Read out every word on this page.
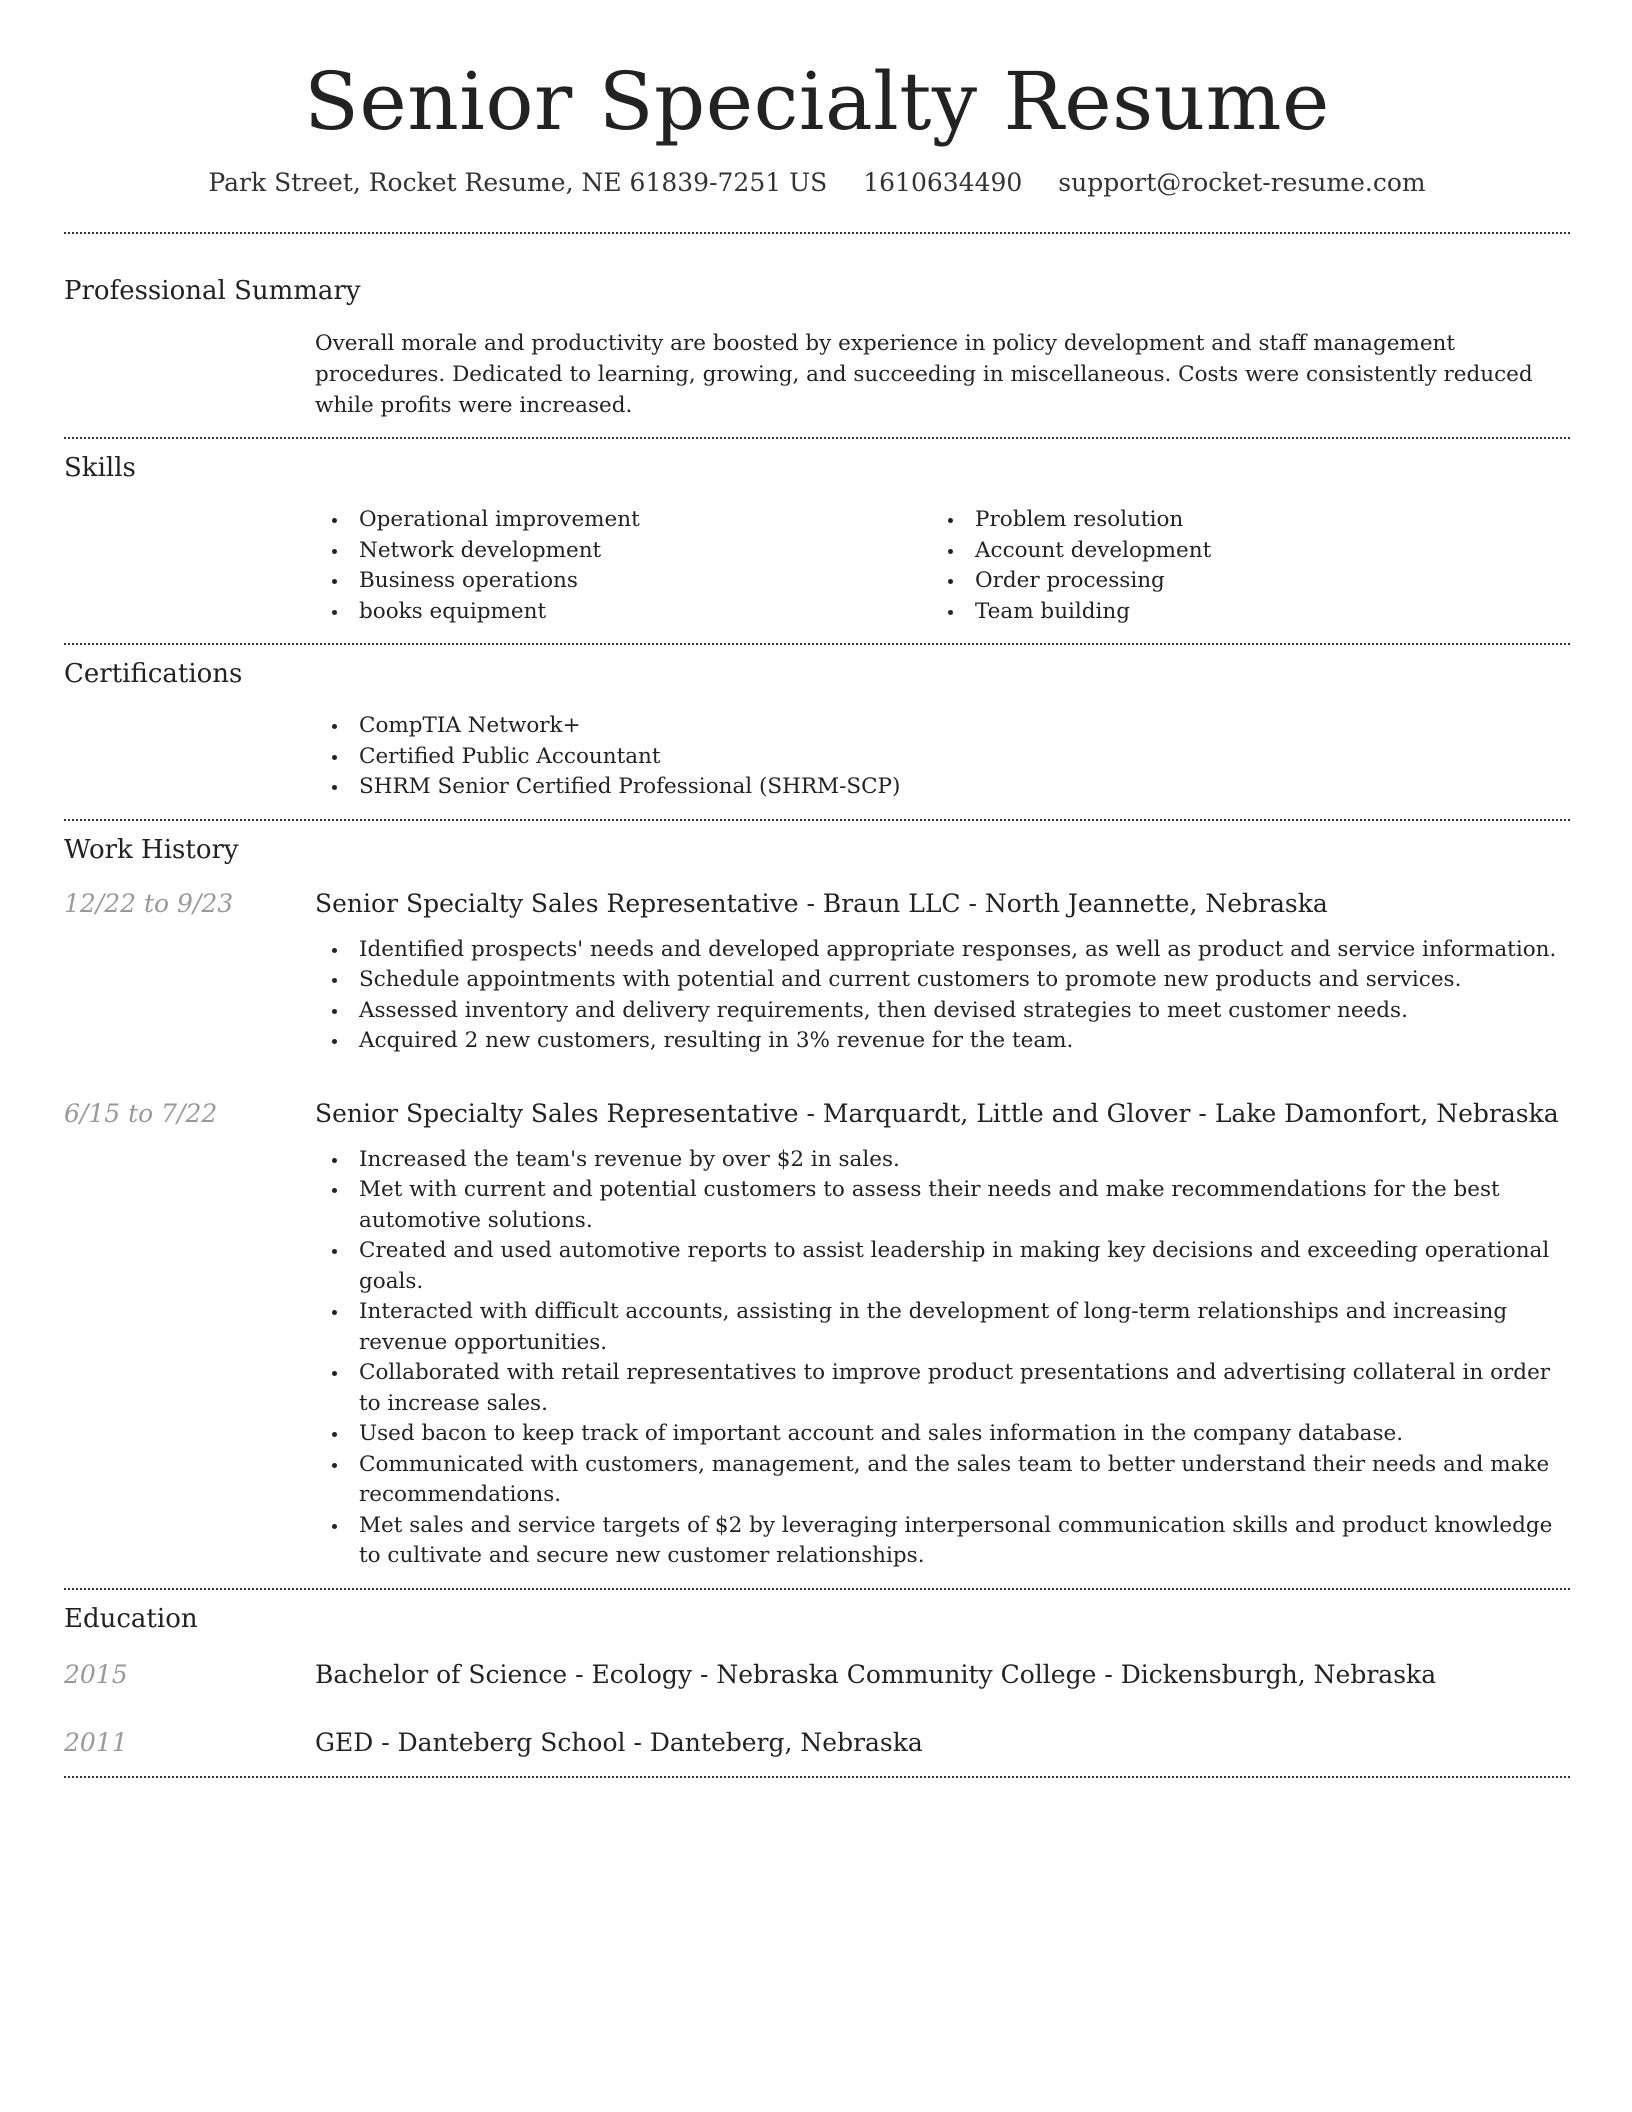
Senior Specialty Resume
Park Street, Rocket Resume, NE 61839-7251 US 1610634490 support@rocket-resume.com
Professional Summary

Overall morale and productivity are boosted by experience in policy development and staff management procedures. Dedicated to learning, growing, and succeeding in miscellaneous. Costs were consistently reduced while profits were increased.

Skills
Operational improvement
Network development
Business operations
books equipment
Problem resolution
Account development
Order processing
Team building
Certifications
CompTIA Network+
Certified Public Accountant
SHRM Senior Certified Professional (SHRM-SCP)
Work History
12/22 to 9/23	Senior Specialty Sales Representative - Braun LLC - North Jeannette, Nebraska
Identified prospects' needs and developed appropriate responses, as well as product and service information.
Schedule appointments with potential and current customers to promote new products and services.
Assessed inventory and delivery requirements, then devised strategies to meet customer needs.
Acquired 2 new customers, resulting in 3% revenue for the team.
6/15 to 7/22	Senior Specialty Sales Representative - Marquardt, Little and Glover - Lake Damonfort, Nebraska
Increased the team's revenue by over $2 in sales.
Met with current and potential customers to assess their needs and make recommendations for the best automotive solutions.
Created and used automotive reports to assist leadership in making key decisions and exceeding operational goals.
Interacted with difficult accounts, assisting in the development of long-term relationships and increasing revenue opportunities.
Collaborated with retail representatives to improve product presentations and advertising collateral in order to increase sales.
Used bacon to keep track of important account and sales information in the company database.
Communicated with customers, management, and the sales team to better understand their needs and make recommendations.
Met sales and service targets of $2 by leveraging interpersonal communication skills and product knowledge to cultivate and secure new customer relationships.
Education
2015	Bachelor of Science - Ecology - Nebraska Community College - Dickensburgh, Nebraska
2011	GED - Danteberg School - Danteberg, Nebraska
